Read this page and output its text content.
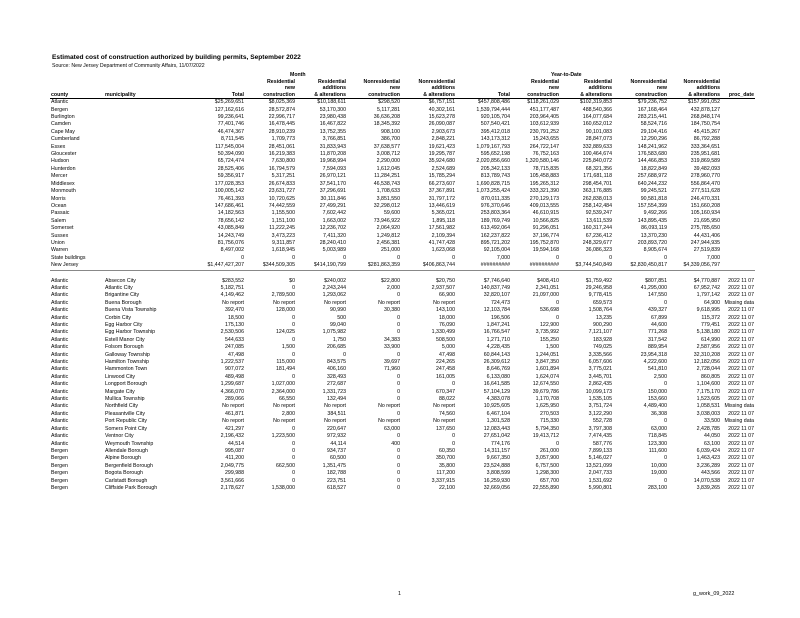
Estimated cost of construction authorized by building permits, September 2022
Source: New Jersey Department of Community Affairs, 11/07/2022
Month	Year-to-Date
			Residential	Residential	Nonresidential	Nonresidential		Residential	Residential	Nonresidential	Nonresidential	
			new	additions	new	additions		new	additions	new	additions	
county	municipality	Total	construction	& alterations	construction	& alterations	Total	construction	& alterations	construction	& alterations	proc_date
Atlantic		$25,269,651	$8,025,369	$10,188,611	$298,520	$6,757,151	$457,808,486	$118,261,029	$102,319,853	$79,236,752	$157,991,052	
Bergen		127,162,616	28,572,874	53,170,300	5,117,281	40,302,161	1,539,794,444	451,177,487	488,540,366	167,168,464	432,878,127	
Burlington		99,236,641	22,996,717	23,980,438	36,636,208	15,623,278	920,105,704	203,964,405	164,077,684	283,215,441	268,848,174	
Camden		77,401,746	16,478,445	16,467,822	18,345,392	26,090,087	507,540,421	103,612,939	160,652,012	58,524,716	184,750,754	
Cape May		46,474,367	28,910,239	13,752,355	908,100	2,903,673	395,412,018	230,791,252	90,101,083	29,104,416	45,415,267	
Cumberland		8,711,545	1,709,773	3,766,851	386,700	2,848,221	143,173,312	15,243,655	28,847,073	12,290,296	86,792,288	
Essex		117,545,004	28,451,061	31,833,943	37,638,577	19,621,423	1,079,167,793	264,722,147	332,889,633	148,241,962	333,364,651	
Gloucester		50,394,090	16,219,383	11,870,208	3,008,712	19,295,787	595,652,198	76,752,163	100,464,674	176,583,680	235,951,681	
Hudson		65,724,474	7,630,800	19,968,994	2,290,000	35,924,680	2,020,856,660	1,320,580,146	225,840,072	144,466,853	319,869,589	
Hunterdon		28,525,406	16,794,579	7,594,093	1,612,045	2,524,689	205,342,133	78,715,835	68,321,356	18,822,849	39,482,093	
Mercer		59,356,917	5,317,251	26,970,121	11,284,251	15,785,294	813,789,743	105,458,883	171,681,118	257,688,972	278,960,770	
Middlesex		177,028,353	26,674,833	37,541,170	46,538,743	66,273,607	1,690,828,715	195,265,312	298,454,701	640,244,232	556,864,470	
Monmouth		100,005,142	23,631,727	37,296,691	1,708,633	37,367,891	1,073,255,424	333,321,390	363,176,885	99,245,521	277,511,628	
Morris		76,461,393	10,720,625	30,111,846	3,851,550	31,797,172	870,011,335	270,129,173	262,838,013	90,581,818	246,470,331	
Ocean		147,686,461	74,442,559	27,499,291	32,298,012	13,446,619	976,370,646	409,013,555	258,142,484	157,554,399	151,660,208	
Passaic		14,182,563	1,155,500	7,602,442	59,600	5,365,021	253,803,364	46,610,915	92,539,247	9,492,266	105,160,934	
Salem		78,656,142	1,151,100	1,663,002	73,946,922	1,895,118	189,769,749	10,566,825	13,611,539	143,895,435	21,695,950	
Somerset		43,085,849	11,222,245	12,236,702	2,064,920	17,561,982	613,492,064	91,296,051	160,317,244	86,093,119	275,785,650	
Sussex		14,243,749	3,473,223	7,411,320	1,249,812	2,109,394	162,237,822	37,196,774	67,236,412	13,370,230	44,431,406	
Union		81,756,076	9,311,857	28,240,410	2,456,381	41,747,428	895,721,202	195,752,870	248,329,677	203,893,720	247,944,935	
Warren		8,497,002	1,618,945	5,003,989	251,000	1,623,068	92,105,004	19,594,168	36,086,323	8,905,674	27,519,839	
State buildings		0	0	0	0	0	7,000	0	0	0	7,000	
New Jersey		$1,447,427,207	$344,509,305	$414,190,799	$281,863,359	$406,863,744	##########	##########	$3,744,540,849	$2,830,450,817	$4,339,056,797	

Atlantic	Absecon City	$283,552	$0	$240,002	$22,800	$20,750	$7,746,640	$408,410	$1,759,492	$807,851	$4,770,887	2022 11 07
Atlantic	Atlantic City	5,182,751	0	2,243,244	2,000	2,937,507	140,837,749	2,341,051	29,246,958	41,295,000	67,952,742	2022 11 07
Atlantic	Brigantine City	4,149,462	2,789,500	1,293,062	0	66,900	32,820,107	21,097,000	9,778,415	147,550	1,797,142	2022 11 07
Atlantic	Buena Borough	No report	No report	No report	No report	No report	724,473	0	659,573	0	64,900	Missing data
Atlantic	Buena Vista Township	392,470	128,000	90,990	30,380	143,100	12,103,784	536,698	1,508,764	439,327	9,618,995	2022 11 07
Atlantic	Corbin City	18,500	0	500	0	18,000	196,506	0	13,235	67,899	115,372	2022 11 07
Atlantic	Egg Harbor City	175,130	0	99,040	0	76,090	1,847,241	122,900	900,290	44,600	779,451	2022 11 07
Atlantic	Egg Harbor Township	2,530,506	124,025	1,075,982	0	1,330,499	16,766,547	3,735,992	7,121,107	771,268	5,138,180	2022 11 07
Atlantic	Estell Manor City	544,633	0	1,750	34,383	508,500	1,271,710	155,250	183,928	317,542	614,990	2022 11 07
Atlantic	Folsom Borough	247,085	1,500	206,685	33,900	5,000	4,228,435	1,500	749,025	889,954	2,587,956	2022 11 07
Atlantic	Galloway Township	47,498	0	0	0	47,498	60,844,143	1,244,051	3,335,566	23,954,318	32,310,208	2022 11 07
Atlantic	Hamilton Township	1,222,537	115,000	843,575	39,697	224,265	26,309,612	3,847,350	6,057,606	4,222,600	12,182,056	2022 11 07
Atlantic	Hammonton Town	907,072	181,494	406,160	71,960	247,458	8,646,769	1,601,894	3,775,021	541,810	2,728,044	2022 11 07
Atlantic	Linwood City	489,498	0	328,493	0	161,005	6,133,080	1,624,074	3,445,701	2,500	860,805	2022 11 07
Atlantic	Longport Borough	1,299,687	1,027,000	272,687	0	0	16,641,585	12,674,550	2,862,435	0	1,104,600	2022 11 07
Atlantic	Margate City	4,366,070	2,364,000	1,331,723	0	670,347	57,104,129	39,679,786	10,099,173	150,000	7,175,170	2022 11 07
Atlantic	Mullica Township	289,066	66,550	132,494	0	88,022	4,383,078	1,170,708	1,535,105	153,660	1,523,605	2022 11 07
Atlantic	Northfield City	No report	No report	No report	No report	No report	10,925,605	1,625,950	3,751,724	4,489,400	1,058,531	Missing data
Atlantic	Pleasantville City	461,871	2,800	384,511	0	74,560	6,467,104	270,503	3,122,290	36,308	3,038,003	2022 11 07
Atlantic	Port Republic City	No report	No report	No report	No report	No report	1,301,528	715,330	552,728	0	33,500	Missing data
Atlantic	Somers Point City	421,297	0	220,647	63,000	137,650	12,083,443	5,794,350	3,797,308	63,000	2,428,785	2022 11 07
Atlantic	Ventnor City	2,196,432	1,223,500	972,932	0	0	27,651,042	19,413,712	7,474,435	718,845	44,050	2022 11 07
Atlantic	Weymouth Township	44,514	0	44,114	400	0	774,176	0	587,776	123,300	63,100	2022 11 07
Bergen	Allendale Borough	995,087	0	934,737	0	60,350	14,311,157	261,000	7,899,133	111,600	6,039,424	2022 11 07
Bergen	Alpine Borough	411,200	0	60,500	0	350,700	9,667,350	3,057,900	5,146,027	0	1,463,423	2022 11 07
Bergen	Bergenfield Borough	2,049,775	662,500	1,351,475	0	35,800	23,524,888	6,757,500	13,521,099	10,000	3,236,289	2022 11 07
Bergen	Bogota Borough	299,988	0	182,788	0	117,200	3,808,599	1,298,300	2,047,733	19,000	443,566	2022 11 07
Bergen	Carlstadt Borough	3,561,666	0	223,751	0	3,337,915	16,259,930	657,700	1,531,692	0	14,070,538	2022 11 07
Bergen	Cliffside Park Borough	2,178,627	1,538,000	618,527	0	22,100	32,669,056	22,555,890	5,990,801	283,100	3,839,265	2022 11 07
1	g_work_09_2022
